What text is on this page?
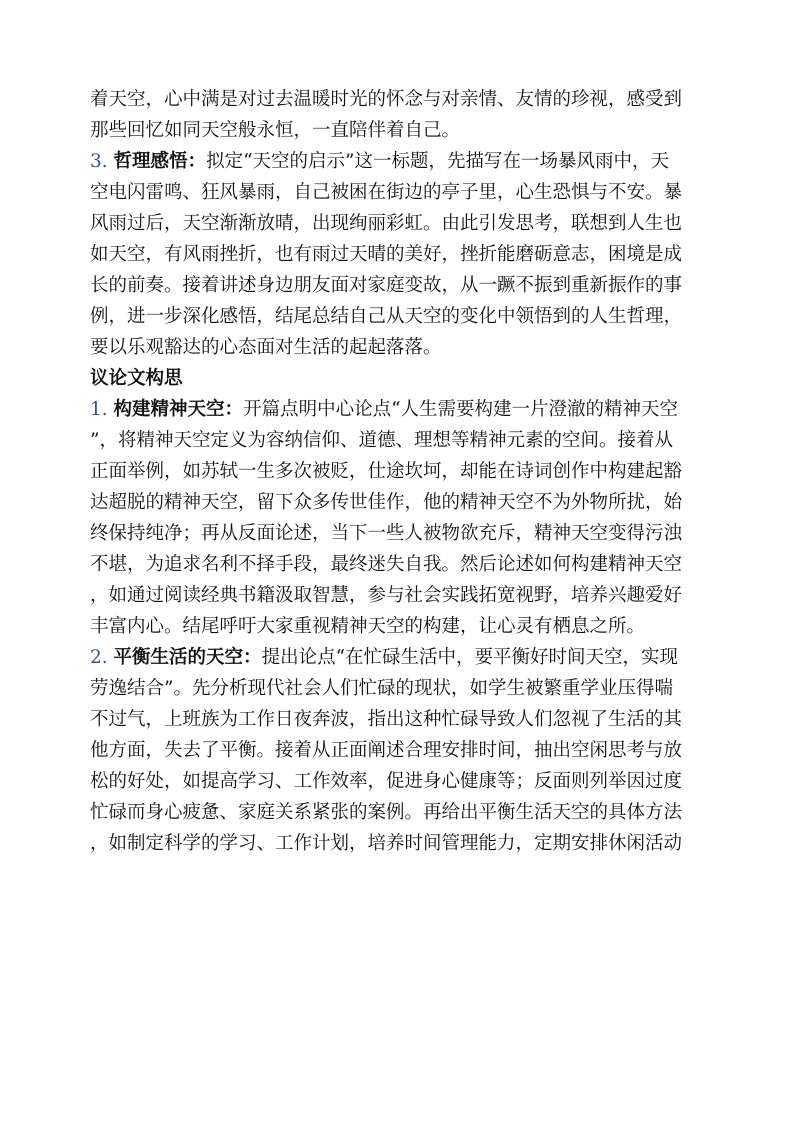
着天空，心中满是对过去温暖时光的怀念与对亲情、友情的珍视，感受到
那些回忆如同天空般永恒，一直陪伴着自己。
3. 哲理感悟：拟定“天空的启示”这一标题，先描写在一场暴风雨中，天
空电闪雷鸣、狂风暴雨，自己被困在街边的亭子里，心生恐惧与不安。暴
风雨过后，天空渐渐放晴，出现绚丽彩虹。由此引发思考，联想到人生也
如天空，有风雨挫折，也有雨过天晴的美好，挫折能磨砺意志，困境是成
长的前奏。接着讲述身边朋友面对家庭变故，从一蹶不振到重新振作的事
例，进一步深化感悟，结尾总结自己从天空的变化中领悟到的人生哲理，
要以乐观豁达的心态面对生活的起起落落。
议论文构思
1. 构建精神天空：开篇点明中心论点“人生需要构建一片澄澈的精神天空
”，将精神天空定义为容纳信仰、道德、理想等精神元素的空间。接着从
正面举例，如苏轼一生多次被贬，仕途坎坷，却能在诗词创作中构建起豁
达超脱的精神天空，留下众多传世佳作，他的精神天空不为外物所扰，始
终保持纯净；再从反面论述，当下一些人被物欲充斥，精神天空变得污浊
不堪，为追求名利不择手段，最终迷失自我。然后论述如何构建精神天空
，如通过阅读经典书籍汲取智慧，参与社会实践拓宽视野，培养兴趣爱好
丰富内心。结尾呼吁大家重视精神天空的构建，让心灵有栖息之所。
2. 平衡生活的天空：提出论点“在忙碌生活中，要平衡好时间天空，实现
劳逸结合”。先分析现代社会人们忙碌的现状，如学生被繁重学业压得喘
不过气，上班族为工作日夜奔波，指出这种忙碌导致人们忽视了生活的其
他方面，失去了平衡。接着从正面阐述合理安排时间，抽出空闲思考与放
松的好处，如提高学习、工作效率，促进身心健康等；反面则列举因过度
忙碌而身心疲惫、家庭关系紧张的案例。再给出平衡生活天空的具体方法
，如制定科学的学习、工作计划，培养时间管理能力，定期安排休闲活动
